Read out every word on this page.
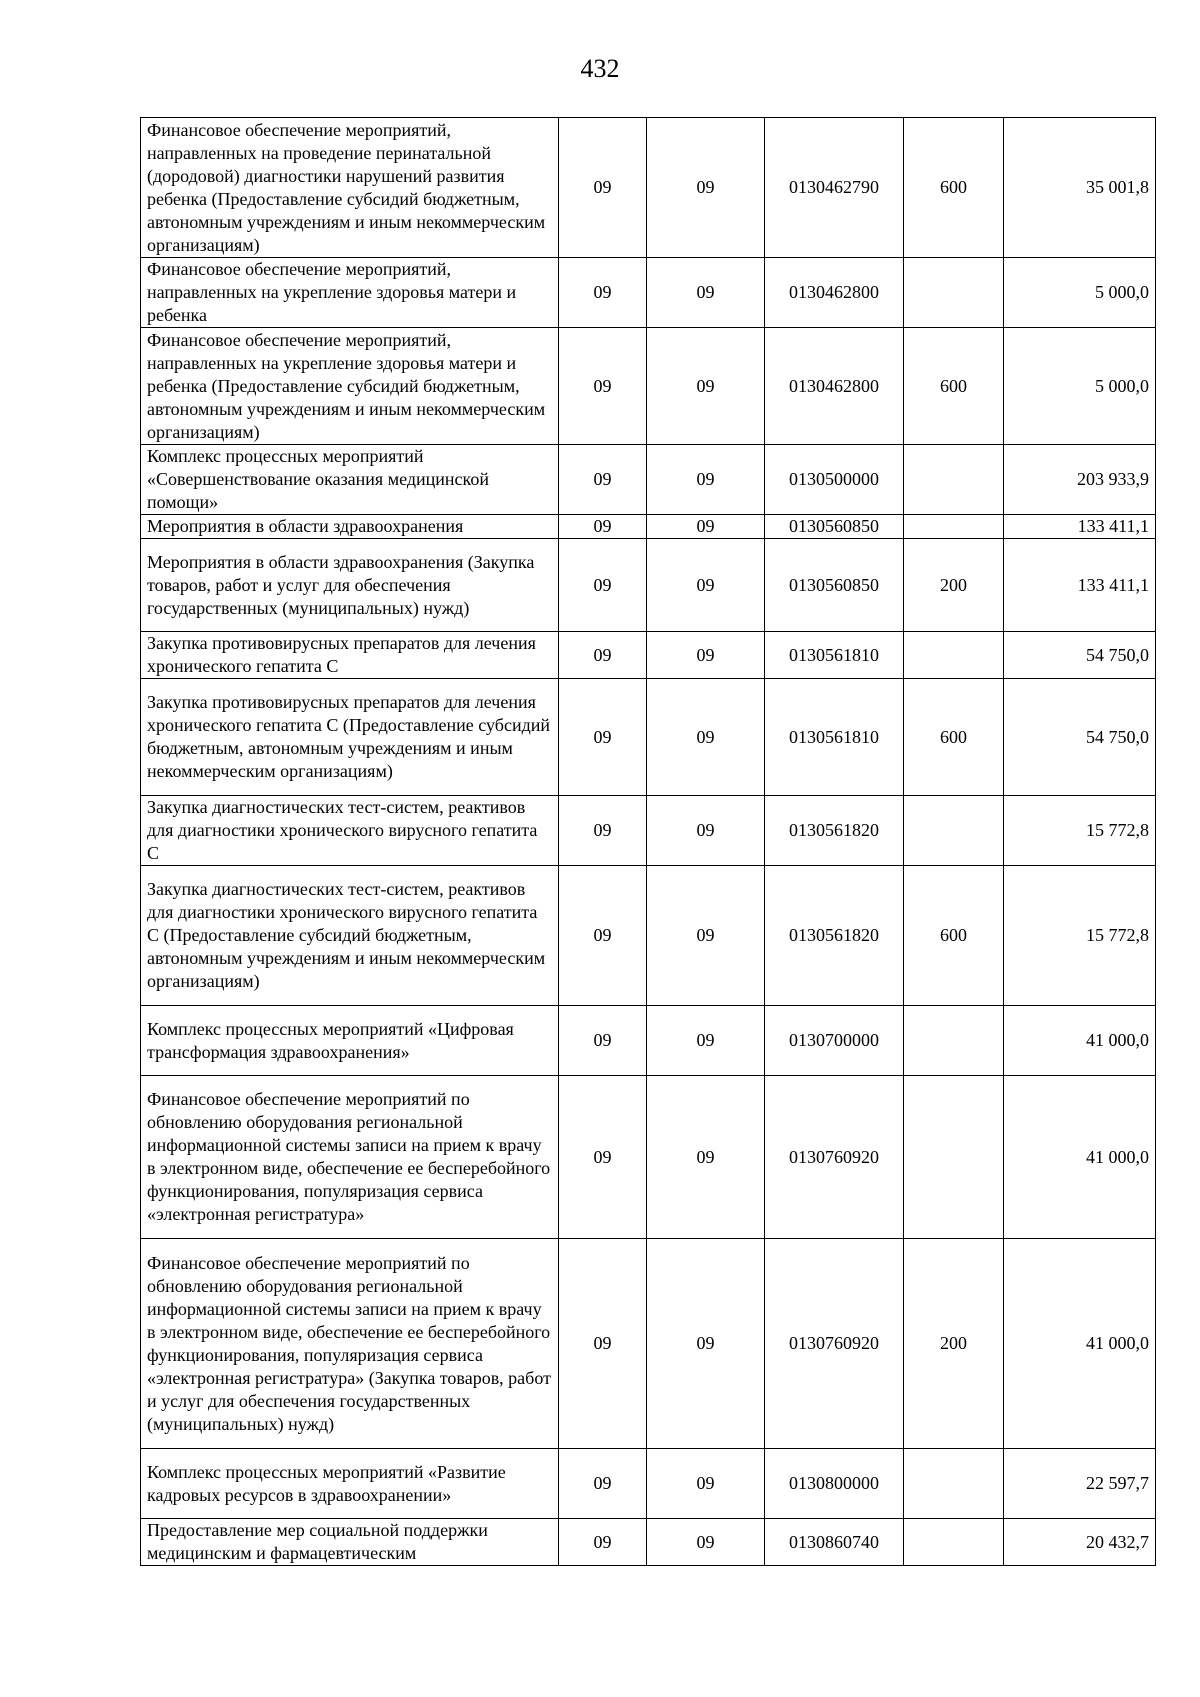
432
Финансовое обеспечение мероприятий, направленных на проведение перинатальной (дородовой) диагностики нарушений развития ребенка (Предоставление субсидий бюджетным, автономным учреждениям и иным некоммерческим организациям)	09	09	0130462790	600	35 001,8
Финансовое обеспечение мероприятий, направленных на укрепление здоровья матери и ребенка	09	09	0130462800		5 000,0
Финансовое обеспечение мероприятий, направленных на укрепление здоровья матери и ребенка (Предоставление субсидий бюджетным, автономным учреждениям и иным некоммерческим организациям)	09	09	0130462800	600	5 000,0
Комплекс процессных мероприятий «Совершенствование оказания медицинской помощи»	09	09	0130500000		203 933,9
Мероприятия в области здравоохранения	09	09	0130560850		133 411,1
Мероприятия в области здравоохранения (Закупка товаров, работ и услуг для обеспечения государственных (муниципальных) нужд)	09	09	0130560850	200	133 411,1
Закупка противовирусных препаратов для лечения хронического гепатита С	09	09	0130561810		54 750,0
Закупка противовирусных препаратов для лечения хронического гепатита С (Предоставление субсидий бюджетным, автономным учреждениям и иным некоммерческим организациям)	09	09	0130561810	600	54 750,0
Закупка диагностических тест-систем, реактивов для диагностики хронического вирусного гепатита С	09	09	0130561820		15 772,8
Закупка диагностических тест-систем, реактивов для диагностики хронического вирусного гепатита С (Предоставление субсидий бюджетным, автономным учреждениям и иным некоммерческим организациям)	09	09	0130561820	600	15 772,8
Комплекс процессных мероприятий «Цифровая трансформация здравоохранения»	09	09	0130700000		41 000,0
Финансовое обеспечение мероприятий по обновлению оборудования региональной информационной системы записи на прием к врачу в электронном виде, обеспечение ее бесперебойного функционирования, популяризация сервиса «электронная регистратура»	09	09	0130760920		41 000,0
Финансовое обеспечение мероприятий по обновлению оборудования региональной информационной системы записи на прием к врачу в электронном виде, обеспечение ее бесперебойного функционирования, популяризация сервиса «электронная регистратура» (Закупка товаров, работ и услуг для обеспечения государственных (муниципальных) нужд)	09	09	0130760920	200	41 000,0
Комплекс процессных мероприятий «Развитие кадровых ресурсов в здравоохранении»	09	09	0130800000		22 597,7
Предоставление мер социальной поддержки медицинским и фармацевтическим	09	09	0130860740		20 432,7
